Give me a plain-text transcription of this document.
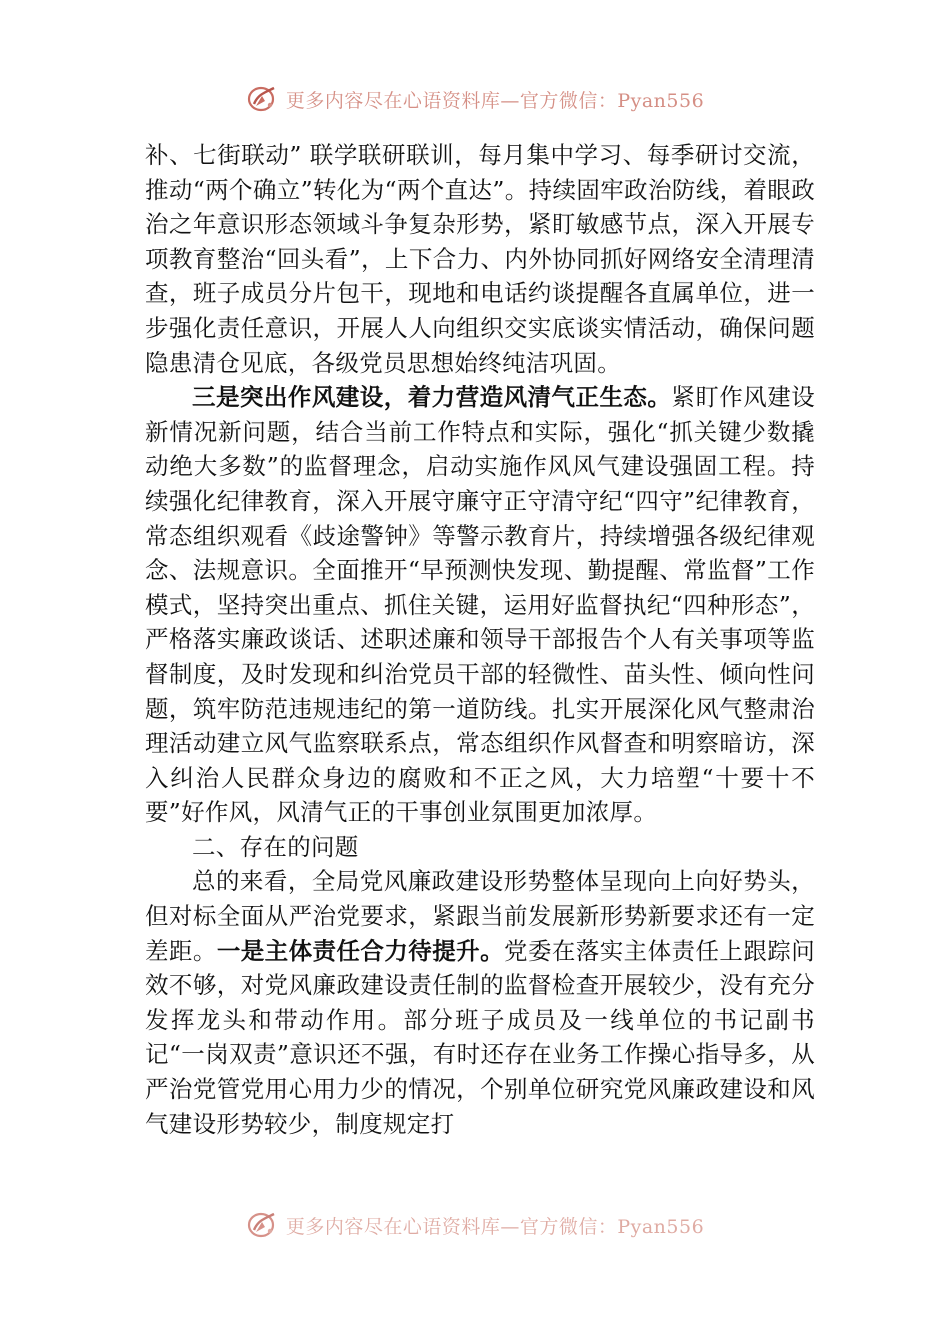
更多内容尽在心语资料库—官方微信：Pyan556

补、七街联动” 联学联研联训，每月集中学习、每季研讨交流，推动“两个确立”转化为“两个直达”。持续固牢政治防线，着眼政治之年意识形态领域斗争复杂形势，紧盯敏感节点，深入开展专项教育整治“回头看”，上下合力、内外协同抓好网络安全清理清查，班子成员分片包干，现地和电话约谈提醒各直属单位，进一步强化责任意识，开展人人向组织交实底谈实情活动，确保问题隐患清仓见底，各级党员思想始终纯洁巩固。

三是突出作风建设，着力营造风清气正生态。紧盯作风建设新情况新问题，结合当前工作特点和实际，强化“抓关键少数撬动绝大多数”的监督理念，启动实施作风风气建设强固工程。持续强化纪律教育，深入开展守廉守正守清守纪“四守”纪律教育，常态组织观看《歧途警钟》等警示教育片，持续增强各级纪律观念、法规意识。全面推开“早预测快发现、勤提醒、常监督”工作模式，坚持突出重点、抓住关键，运用好监督执纪“四种形态”，严格落实廉政谈话、述职述廉和领导干部报告个人有关事项等监督制度，及时发现和纠治党员干部的轻微性、苗头性、倾向性问题，筑牢防范违规违纪的第一道防线。扎实开展深化风气整肃治理活动建立风气监察联系点，常态组织作风督查和明察暗访，深入纠治人民群众身边的腐败和不正之风，大力培塑“十要十不要”好作风，风清气正的干事创业氛围更加浓厚。

二、存在的问题

总的来看，全局党风廉政建设形势整体呈现向上向好势头，但对标全面从严治党要求，紧跟当前发展新形势新要求还有一定差距。一是主体责任合力待提升。党委在落实主体责任上跟踪问效不够，对党风廉政建设责任制的监督检查开展较少，没有充分发挥龙头和带动作用。部分班子成员及一线单位的书记副书记“一岗双责”意识还不强，有时还存在业务工作操心指导多，从严治党管党用心用力少的情况，个别单位研究党风廉政建设和风气建设形势较少，制度规定打

更多内容尽在心语资料库—官方微信：Pyan556
